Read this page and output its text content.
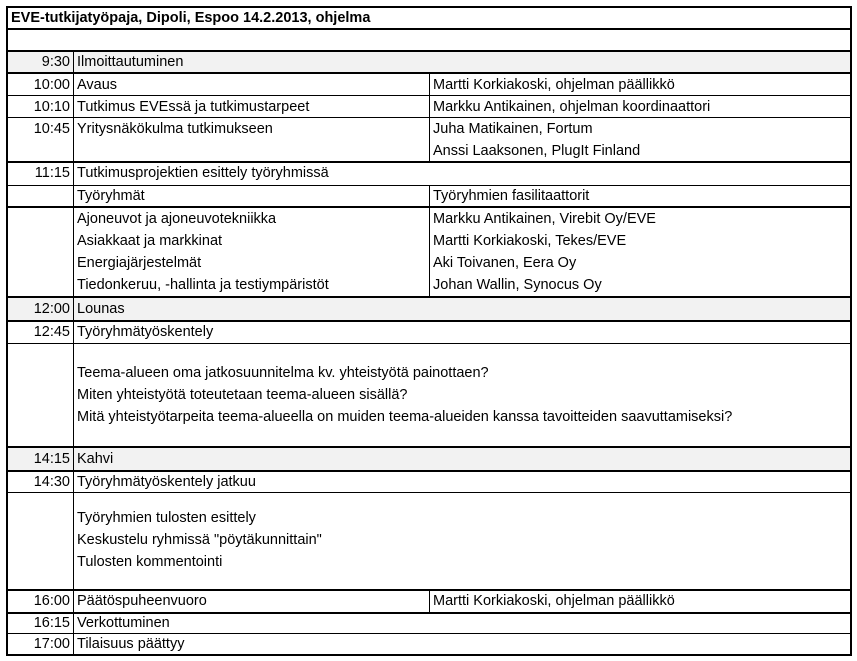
EVE-tutkijatyöpaja, Dipoli, Espoo 14.2.2013, ohjelma
9:30 Ilmoittautuminen
10:00 Avaus	Martti Korkiakoski, ohjelman päällikkö
10:10 Tutkimus EVEssä ja tutkimustarpeet	Markku Antikainen, ohjelman koordinaattori
10:45 Yritysnäkökulma tutkimukseen	Juha Matikainen, Fortum
Anssi Laaksonen, PlugIt Finland
11:15 Tutkimusprojektien esittely työryhmissä
Työryhmät	Työryhmien fasilitaattorit
Ajoneuvot ja ajoneuvotekniikka	Markku Antikainen, Virebit Oy/EVE
Asiakkaat ja markkinat	Martti Korkiakoski, Tekes/EVE
Energiajärjestelmät	Aki Toivanen, Eera Oy
Tiedonkeruu, -hallinta ja testiympäristöt	Johan Wallin, Synocus Oy
12:00 Lounas
12:45 Työryhmätyöskentely
Teema-alueen oma jatkosuunnitelma kv. yhteistyötä painottaen?
Miten yhteistyötä toteutetaan teema-alueen sisällä?
Mitä yhteistyötarpeita teema-alueella on muiden teema-alueiden kanssa tavoitteiden saavuttamiseksi?
14:15 Kahvi
14:30 Työryhmätyöskentely jatkuu
Työryhmien tulosten esittely
Keskustelu ryhmissä "pöytäkunnittain"
Tulosten kommentointi
16:00 Päätöspuheenvuoro	Martti Korkiakoski, ohjelman päällikkö
16:15 Verkottuminen
17:00 Tilaisuus päättyy
